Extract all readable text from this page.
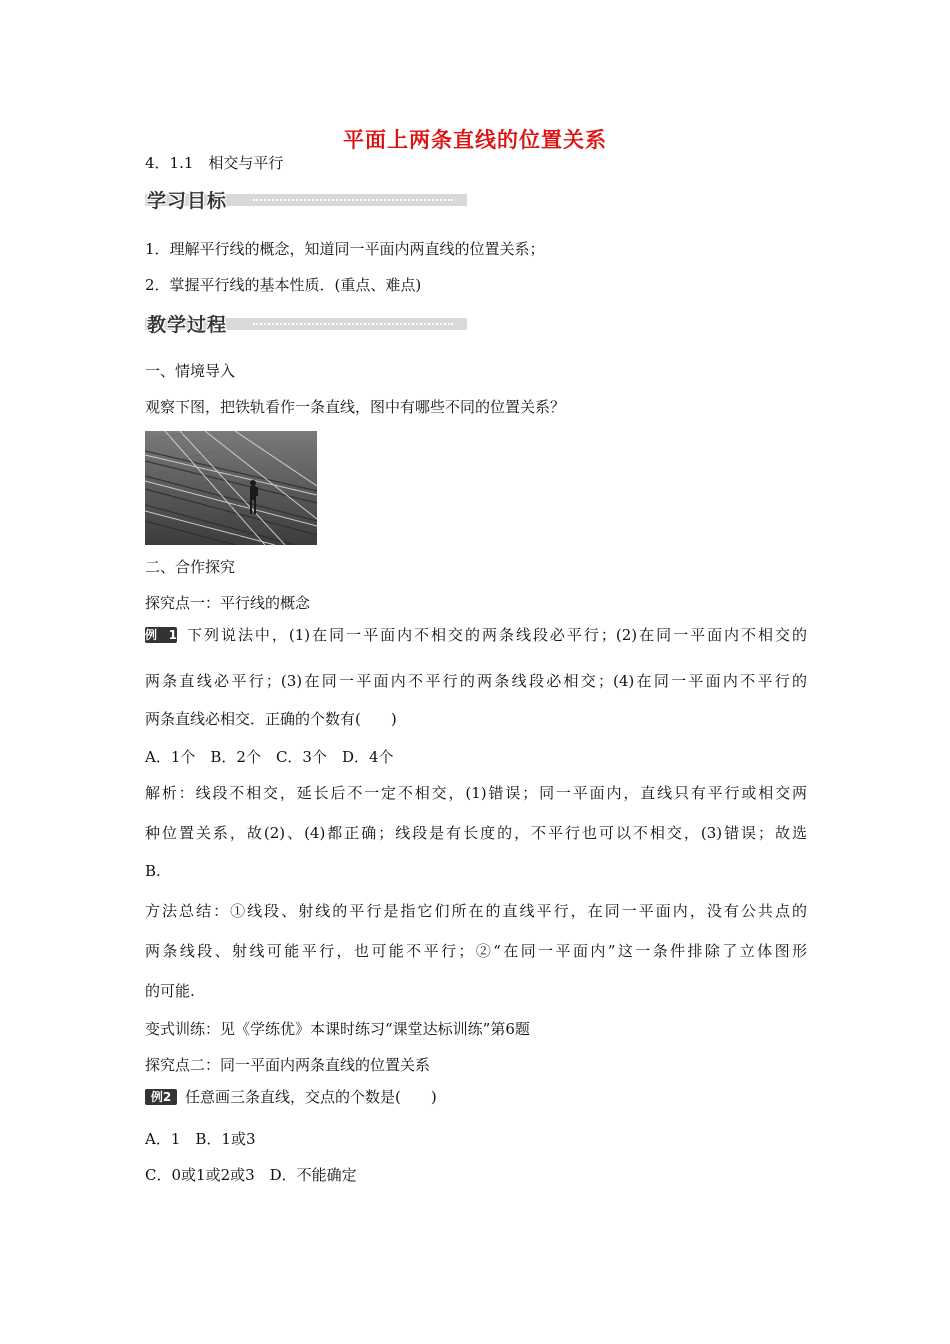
平面上两条直线的位置关系
4．1.1　相交与平行
学习目标
1．理解平行线的概念，知道同一平面内两直线的位置关系；
2．掌握平行线的基本性质．(重点、难点)
教学过程
一、情境导入
观察下图，把铁轨看作一条直线，图中有哪些不同的位置关系？
二、合作探究
探究点一：平行线的概念
例1 下列说法中，(1)在同一平面内不相交的两条线段必平行；(2)在同一平面内不相交的
两条直线必平行；(3)在同一平面内不平行的两条线段必相交；(4)在同一平面内不平行的
两条直线必相交．正确的个数有(　　)
A．1个　B．2个　C．3个　D．4个
解析：线段不相交，延长后不一定不相交，(1)错误；同一平面内，直线只有平行或相交两
种位置关系，故(2)、(4)都正确；线段是有长度的，不平行也可以不相交，(3)错误；故选
B.
方法总结：①线段、射线的平行是指它们所在的直线平行，在同一平面内，没有公共点的
两条线段、射线可能平行，也可能不平行；②“在同一平面内”这一条件排除了立体图形
的可能.
变式训练：见《学练优》本课时练习“课堂达标训练”第6题
探究点二：同一平面内两条直线的位置关系
例2 任意画三条直线，交点的个数是(　　)
A．1　B．1或3
C．0或1或2或3　D．不能确定
